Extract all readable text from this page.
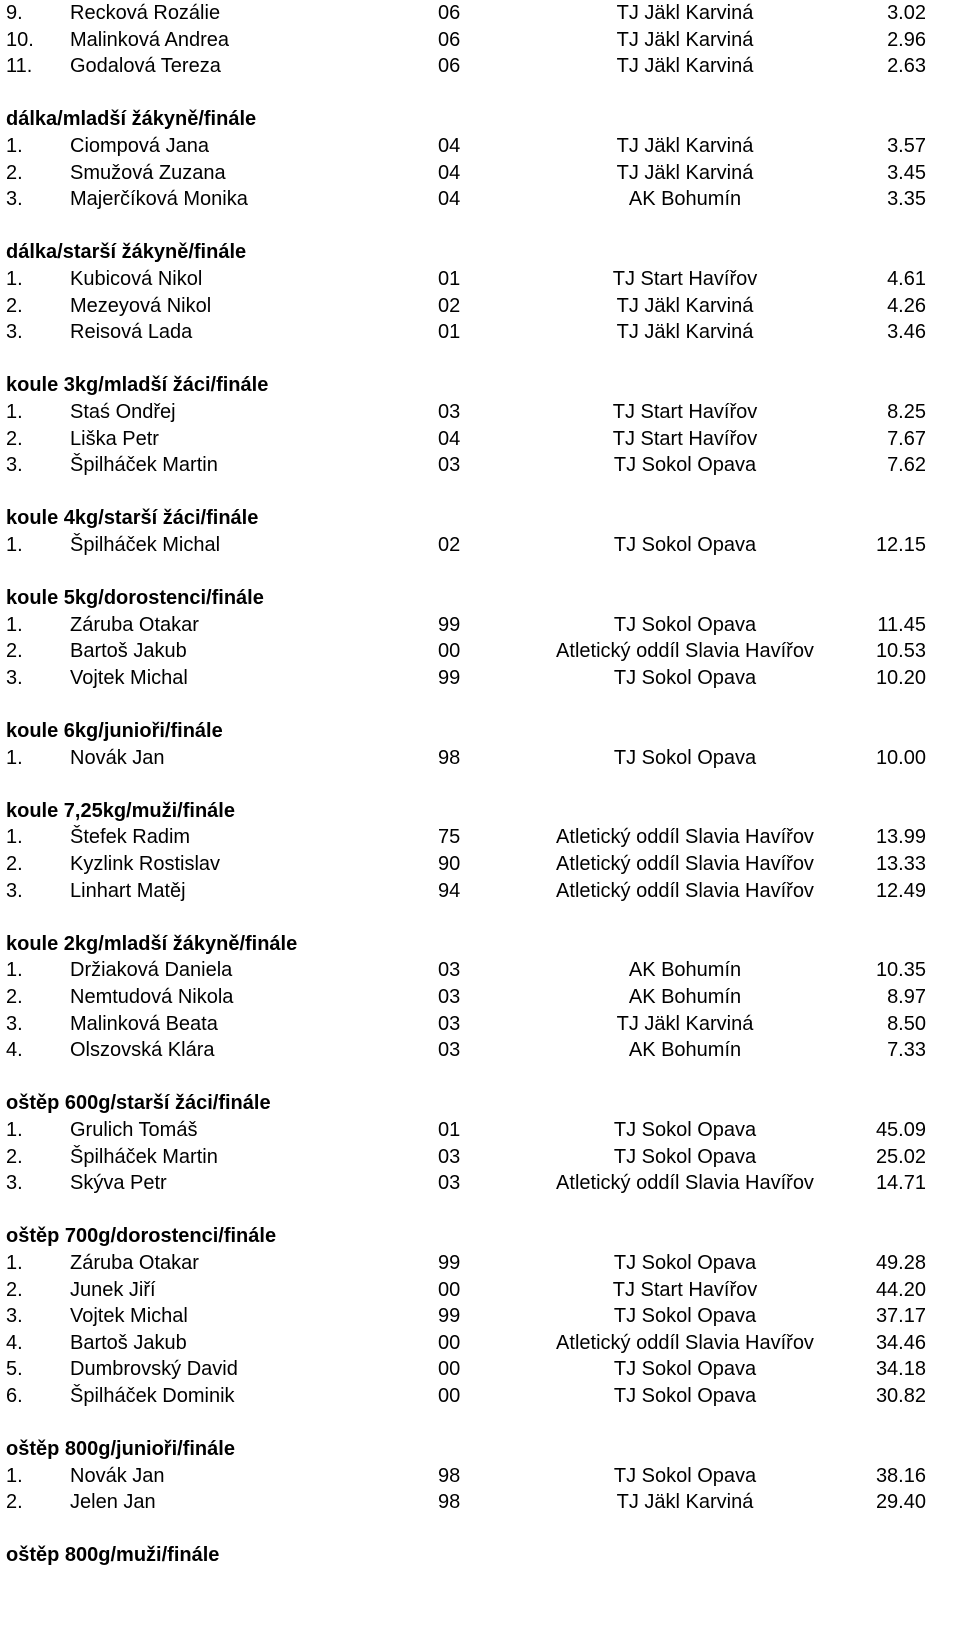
9. Recková Rozálie	06	TJ Jäkl Karviná	3.02
10. Malinková Andrea	06	TJ Jäkl Karviná	2.96
11. Godalová Tereza	06	TJ Jäkl Karviná	2.63
dálka/mladší žákyně/finále
1. Ciompová Jana	04	TJ Jäkl Karviná	3.57
2. Smužová Zuzana	04	TJ Jäkl Karviná	3.45
3. Majerčíková Monika	04	AK Bohumín	3.35
dálka/starší žákyně/finále
1. Kubicová Nikol	01	TJ Start Havířov	4.61
2. Mezeyová Nikol	02	TJ Jäkl Karviná	4.26
3. Reisová Lada	01	TJ Jäkl Karviná	3.46
koule 3kg/mladší žáci/finále
1. Staś Ondřej	03	TJ Start Havířov	8.25
2. Liška Petr	04	TJ Start Havířov	7.67
3. Špilháček Martin	03	TJ Sokol Opava	7.62
koule 4kg/starší žáci/finále
1. Špilháček Michal	02	TJ Sokol Opava	12.15
koule 5kg/dorostenci/finále
1. Záruba Otakar	99	TJ Sokol Opava	11.45
2. Bartoš Jakub	00	Atletický oddíl Slavia Havířov	10.53
3. Vojtek Michal	99	TJ Sokol Opava	10.20
koule 6kg/junioři/finále
1. Novák Jan	98	TJ Sokol Opava	10.00
koule 7,25kg/muži/finále
1. Štefek Radim	75	Atletický oddíl Slavia Havířov	13.99
2. Kyzlink Rostislav	90	Atletický oddíl Slavia Havířov	13.33
3. Linhart Matěj	94	Atletický oddíl Slavia Havířov	12.49
koule 2kg/mladší žákyně/finále
1. Držiaková Daniela	03	AK Bohumín	10.35
2. Nemtudová Nikola	03	AK Bohumín	8.97
3. Malinková Beata	03	TJ Jäkl Karviná	8.50
4. Olszovská Klára	03	AK Bohumín	7.33
oštěp 600g/starší žáci/finále
1. Grulich Tomáš	01	TJ Sokol Opava	45.09
2. Špilháček Martin	03	TJ Sokol Opava	25.02
3. Skýva Petr	03	Atletický oddíl Slavia Havířov	14.71
oštěp 700g/dorostenci/finále
1. Záruba Otakar	99	TJ Sokol Opava	49.28
2. Junek Jiří	00	TJ Start Havířov	44.20
3. Vojtek Michal	99	TJ Sokol Opava	37.17
4. Bartoš Jakub	00	Atletický oddíl Slavia Havířov	34.46
5. Dumbrovský David	00	TJ Sokol Opava	34.18
6. Špilháček Dominik	00	TJ Sokol Opava	30.82
oštěp 800g/junioři/finále
1. Novák Jan	98	TJ Sokol Opava	38.16
2. Jelen Jan	98	TJ Jäkl Karviná	29.40
oštěp 800g/muži/finále
